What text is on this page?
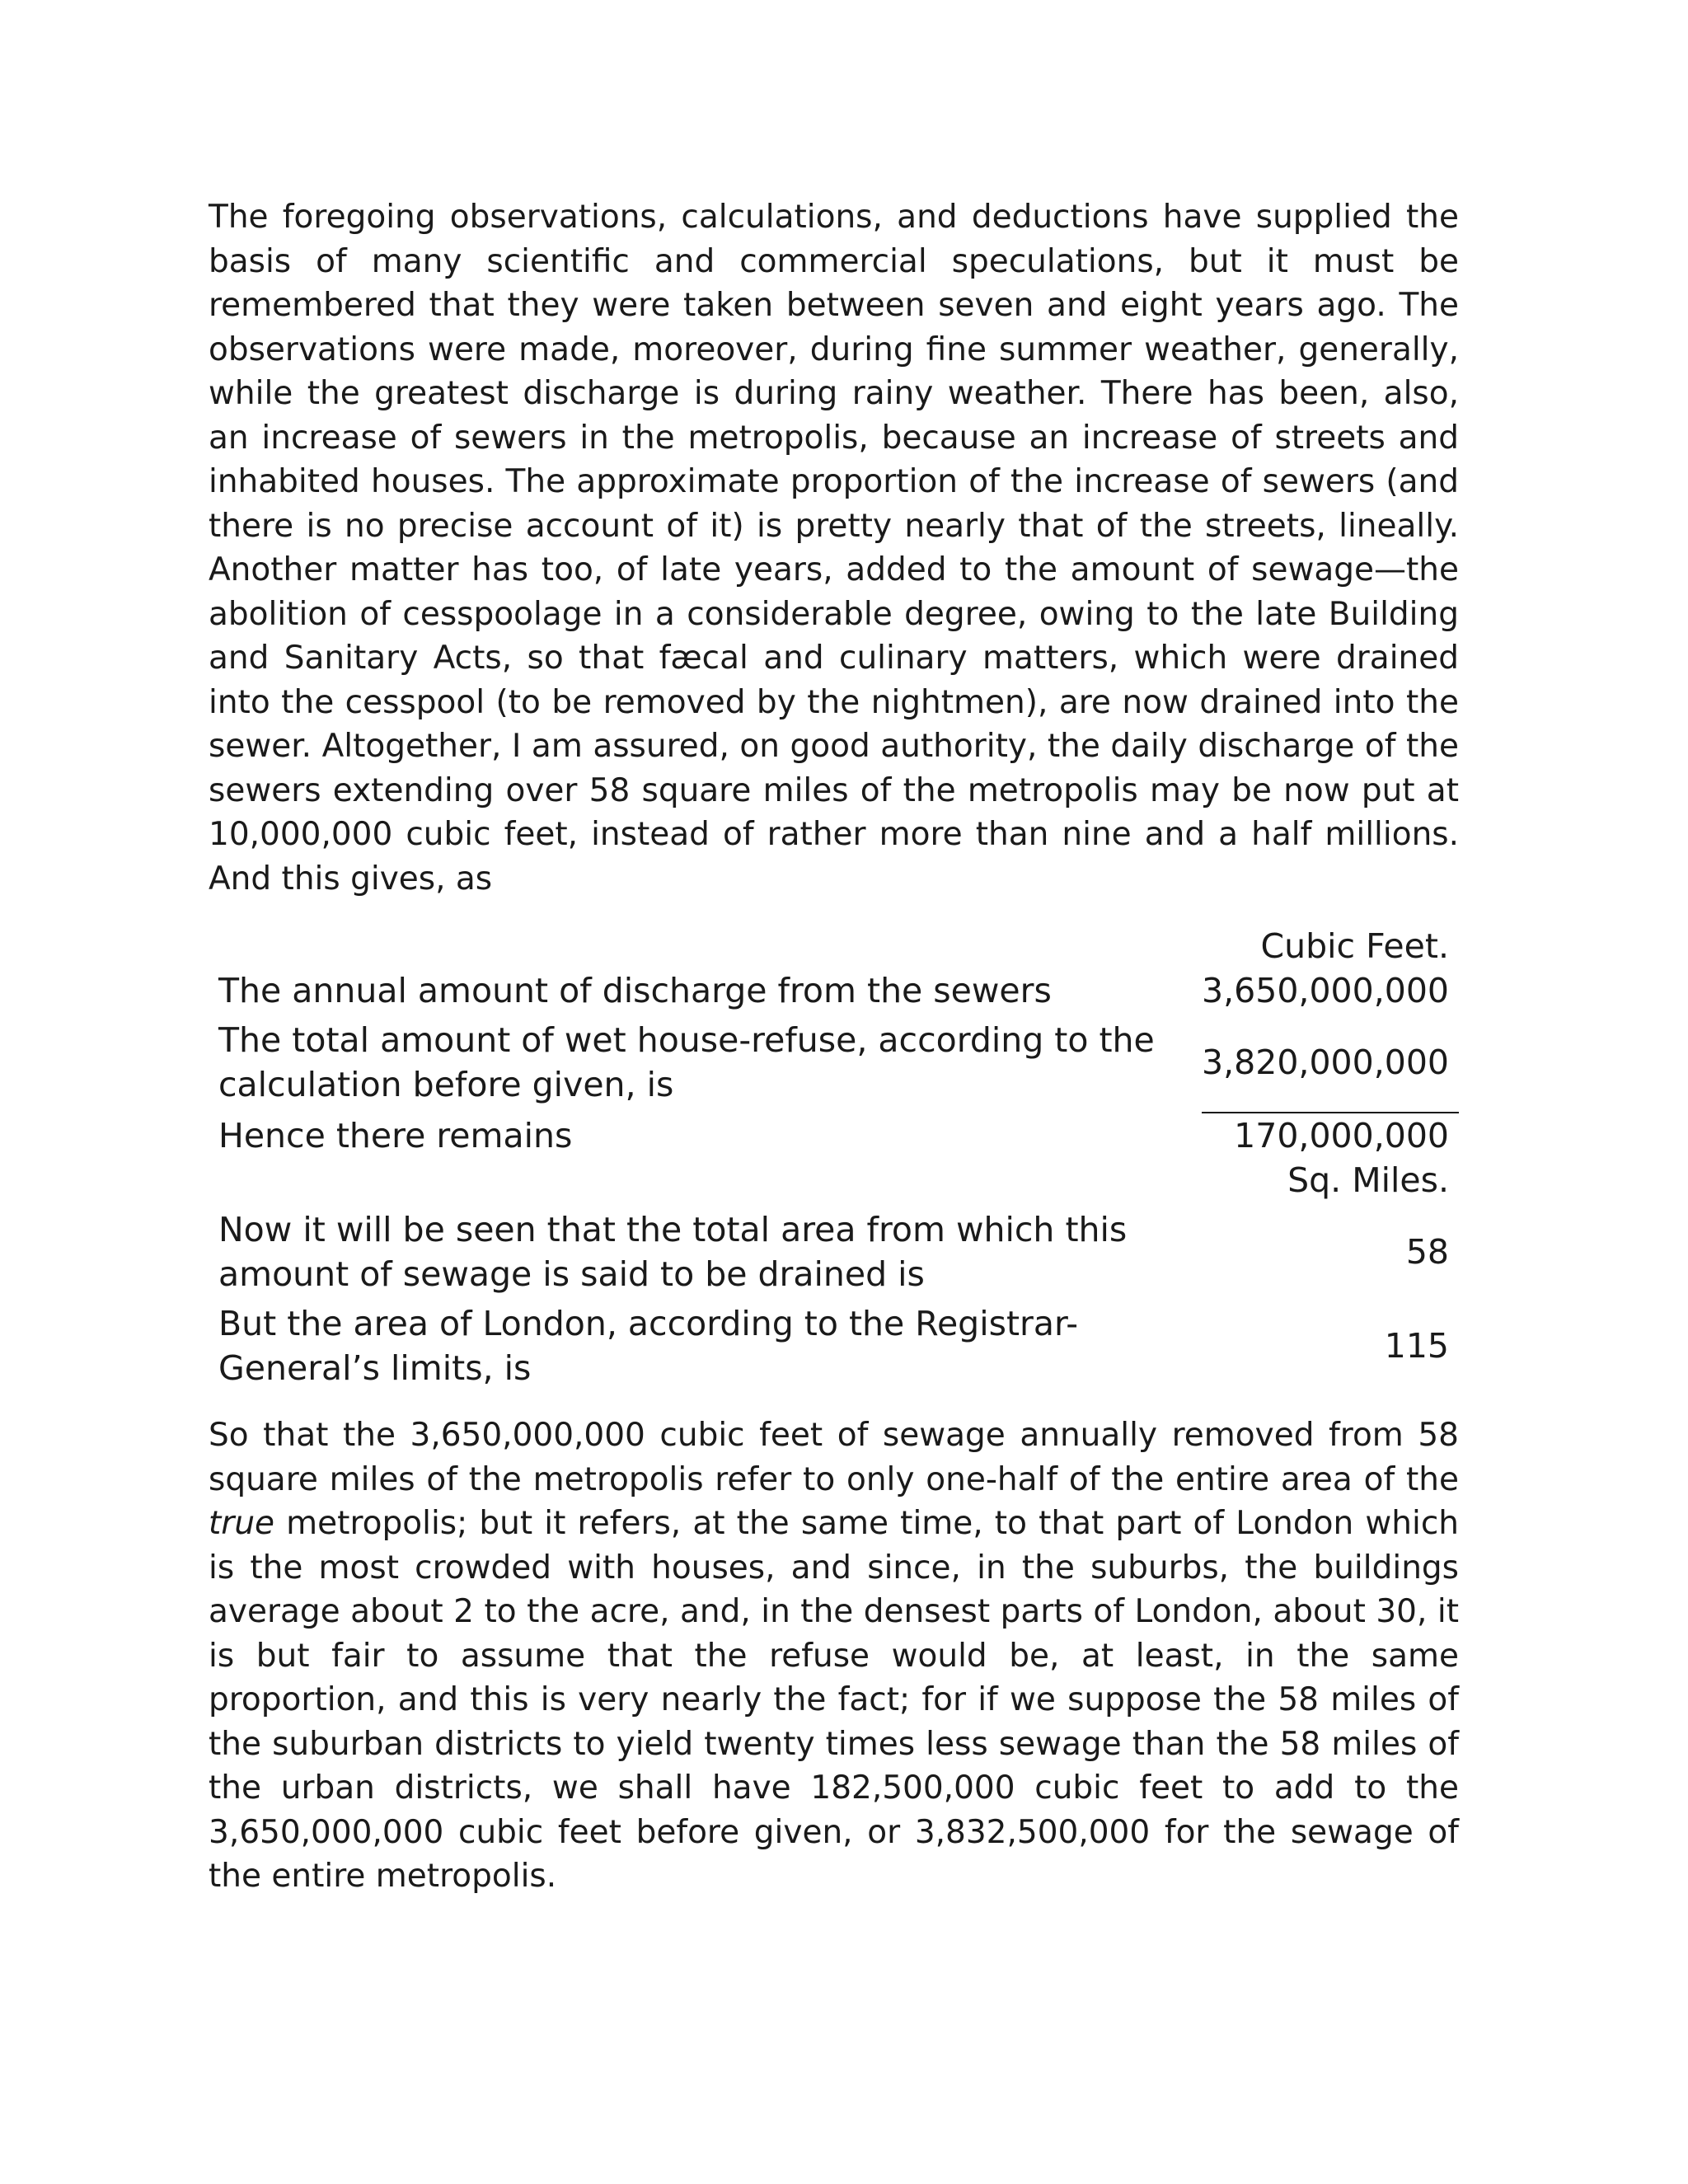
The foregoing observations, calculations, and deductions have supplied the basis of many scientific and commercial speculations, but it must be remembered that they were taken between seven and eight years ago. The observations were made, moreover, during fine summer weather, generally, while the greatest discharge is during rainy weather. There has been, also, an increase of sewers in the metropolis, because an increase of streets and inhabited houses. The approximate proportion of the increase of sewers (and there is no precise account of it) is pretty nearly that of the streets, lineally. Another matter has too, of late years, added to the amount of sewage—the abolition of cesspoolage in a considerable degree, owing to the late Building and Sanitary Acts, so that fæcal and culinary matters, which were drained into the cesspool (to be removed by the nightmen), are now drained into the sewer. Altogether, I am assured, on good authority, the daily discharge of the sewers extending over 58 square miles of the metropolis may be now put at 10,000,000 cubic feet, instead of rather more than nine and a half millions. And this gives, as

	Cubic Feet.
The annual amount of discharge from the sewers	3,650,000,000

The total amount of wet house-refuse, according to the calculation before given, is	3,820,000,000

Hence there remains	170,000,000
	Sq. Miles.

Now it will be seen that the total area from which this amount of sewage is said to be drained is	58

But the area of London, according to the Registrar-General’s limits, is	115

So that the 3,650,000,000 cubic feet of sewage annually removed from 58 square miles of the metropolis refer to only one-half of the entire area of the true metropolis; but it refers, at the same time, to that part of London which is the most crowded with houses, and since, in the suburbs, the buildings average about 2 to the acre, and, in the densest parts of London, about 30, it is but fair to assume that the refuse would be, at least, in the same proportion, and this is very nearly the fact; for if we suppose the 58 miles of the suburban districts to yield twenty times less sewage than the 58 miles of the urban districts, we shall have 182,500,000 cubic feet to add to the 3,650,000,000 cubic feet before given, or 3,832,500,000 for the sewage of the entire metropolis.
